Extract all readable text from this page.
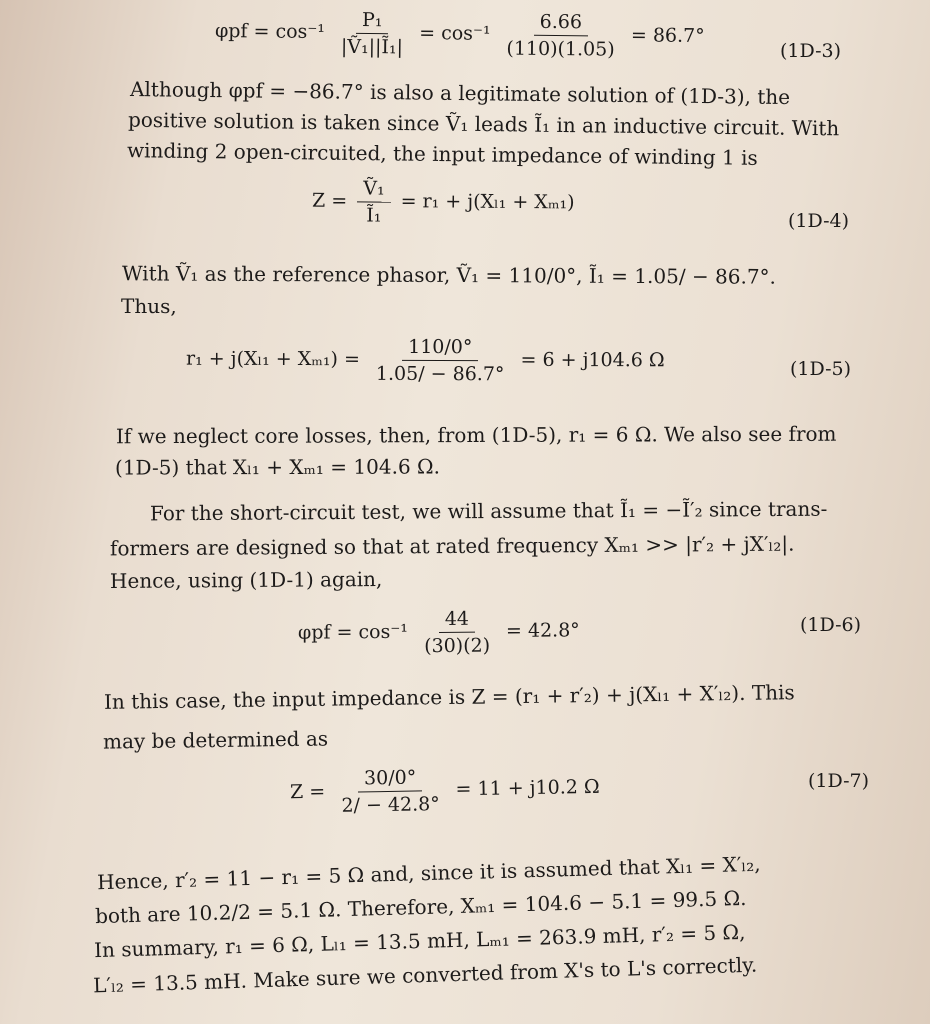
$\varphi pf = \cos^{-1} \frac{\text{P₁}}{\text{|Ṽ₁||Ĩ₁|}} = \cos^{-1} \frac{6.66}{(110)(1.05)} = 86.7^\circ$
(1D-3)
Although φpf = −86.7° is also a legitimate solution of (1D-3), the
positive solution is taken since Ṽ₁ leads Ĩ₁ in an inductive circuit. With
winding 2 open-circuited, the input impedance of winding 1 is
$Z = \frac{\text{Ṽ₁}}{\text{Ĩ₁}} = r_1 + j(X_{l1} + X_{m1})$
(1D-4)
With Ṽ₁ as the reference phasor, Ṽ₁ = 110/0°, Ĩ₁ = 1.05/ − 86.7°.
Thus,
$r_1 + j(X_{l1} + X_{m1}) = \frac{110/0^\circ}{1.05/ - 86.7^\circ} = 6 + j104.6$ Ω	(1D-5)
If we neglect core losses, then, from (1D-5), r₁ = 6 Ω. We also see from
(1D-5) that Xₗ₁ + Xₘ₁ = 104.6 Ω.
For the short-circuit test, we will assume that Ĩ₁ = −Ĩ′₂ since trans-
formers are designed so that at rated frequency Xₘ₁ >> |r′₂ + jX′ₗ₂|.
Hence, using (1D-1) again,
$\varphi pf = \cos^{-1} \frac{44}{(30)(2)} = 42.8^\circ$	(1D-6)
In this case, the input impedance is Z = (r₁ + r′₂) + j(Xₗ₁ + X′ₗ₂). This
may be determined as
$Z = \frac{30/0^\circ}{2/ - 42.8^\circ} = 11 + j10.2$ Ω	(1D-7)
Hence, r′₂ = 11 − r₁ = 5 Ω and, since it is assumed that Xₗ₁ = X′ₗ₂,
both are 10.2/2 = 5.1 Ω. Therefore, Xₘ₁ = 104.6 − 5.1 = 99.5 Ω.
In summary, r₁ = 6 Ω, Lₗ₁ = 13.5 mH, Lₘ₁ = 263.9 mH, r′₂ = 5 Ω,
L′ₗ₂ = 13.5 mH. Make sure we converted from X's to L's correctly.
